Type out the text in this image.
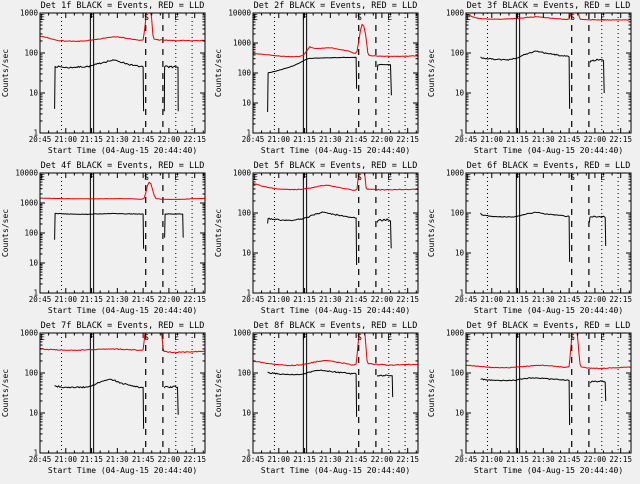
Det 1f BLACK = Events, RED = LLD
1
10
100
1000
20:45 21:00 21:15 21:30 21:45 22:00 22:15
Start Time (04-Aug-15 20:44:40)
Counts/sec
E	F	S	E
Det 2f BLACK = Events, RED = LLD
1
10
100
1000
10000
20:45 21:00 21:15 21:30 21:45 22:00 22:15
Start Time (04-Aug-15 20:44:40)
Counts/sec
E	F	S	E
Det 3f BLACK = Events, RED = LLD
1
10
100
1000
20:45 21:00 21:15 21:30 21:45 22:00 22:15
Start Time (04-Aug-15 20:44:40)
Counts/sec
E	F	S	E
Det 4f BLACK = Events, RED = LLD
1
10
100
1000
10000
20:45 21:00 21:15 21:30 21:45 22:00 22:15
Start Time (04-Aug-15 20:44:40)
Counts/sec
E	F	S	E
Det 5f BLACK = Events, RED = LLD
1
10
100
1000
20:45 21:00 21:15 21:30 21:45 22:00 22:15
Start Time (04-Aug-15 20:44:40)
Counts/sec
E	F	S	E
Det 6f BLACK = Events, RED = LLD
1
10
100
1000
20:45 21:00 21:15 21:30 21:45 22:00 22:15
Start Time (04-Aug-15 20:44:40)
Counts/sec
E	F	S	E
Det 7f BLACK = Events, RED = LLD
1
10
100
1000
20:45 21:00 21:15 21:30 21:45 22:00 22:15
Start Time (04-Aug-15 20:44:40)
Counts/sec
E	F	S	E
Det 8f BLACK = Events, RED = LLD
1
10
100
1000
20:45 21:00 21:15 21:30 21:45 22:00 22:15
Start Time (04-Aug-15 20:44:40)
Counts/sec
E	F	S	E
Det 9f BLACK = Events, RED = LLD
1
10
100
1000
20:45 21:00 21:15 21:30 21:45 22:00 22:15
Start Time (04-Aug-15 20:44:40)
Counts/sec
E	F	S	E
